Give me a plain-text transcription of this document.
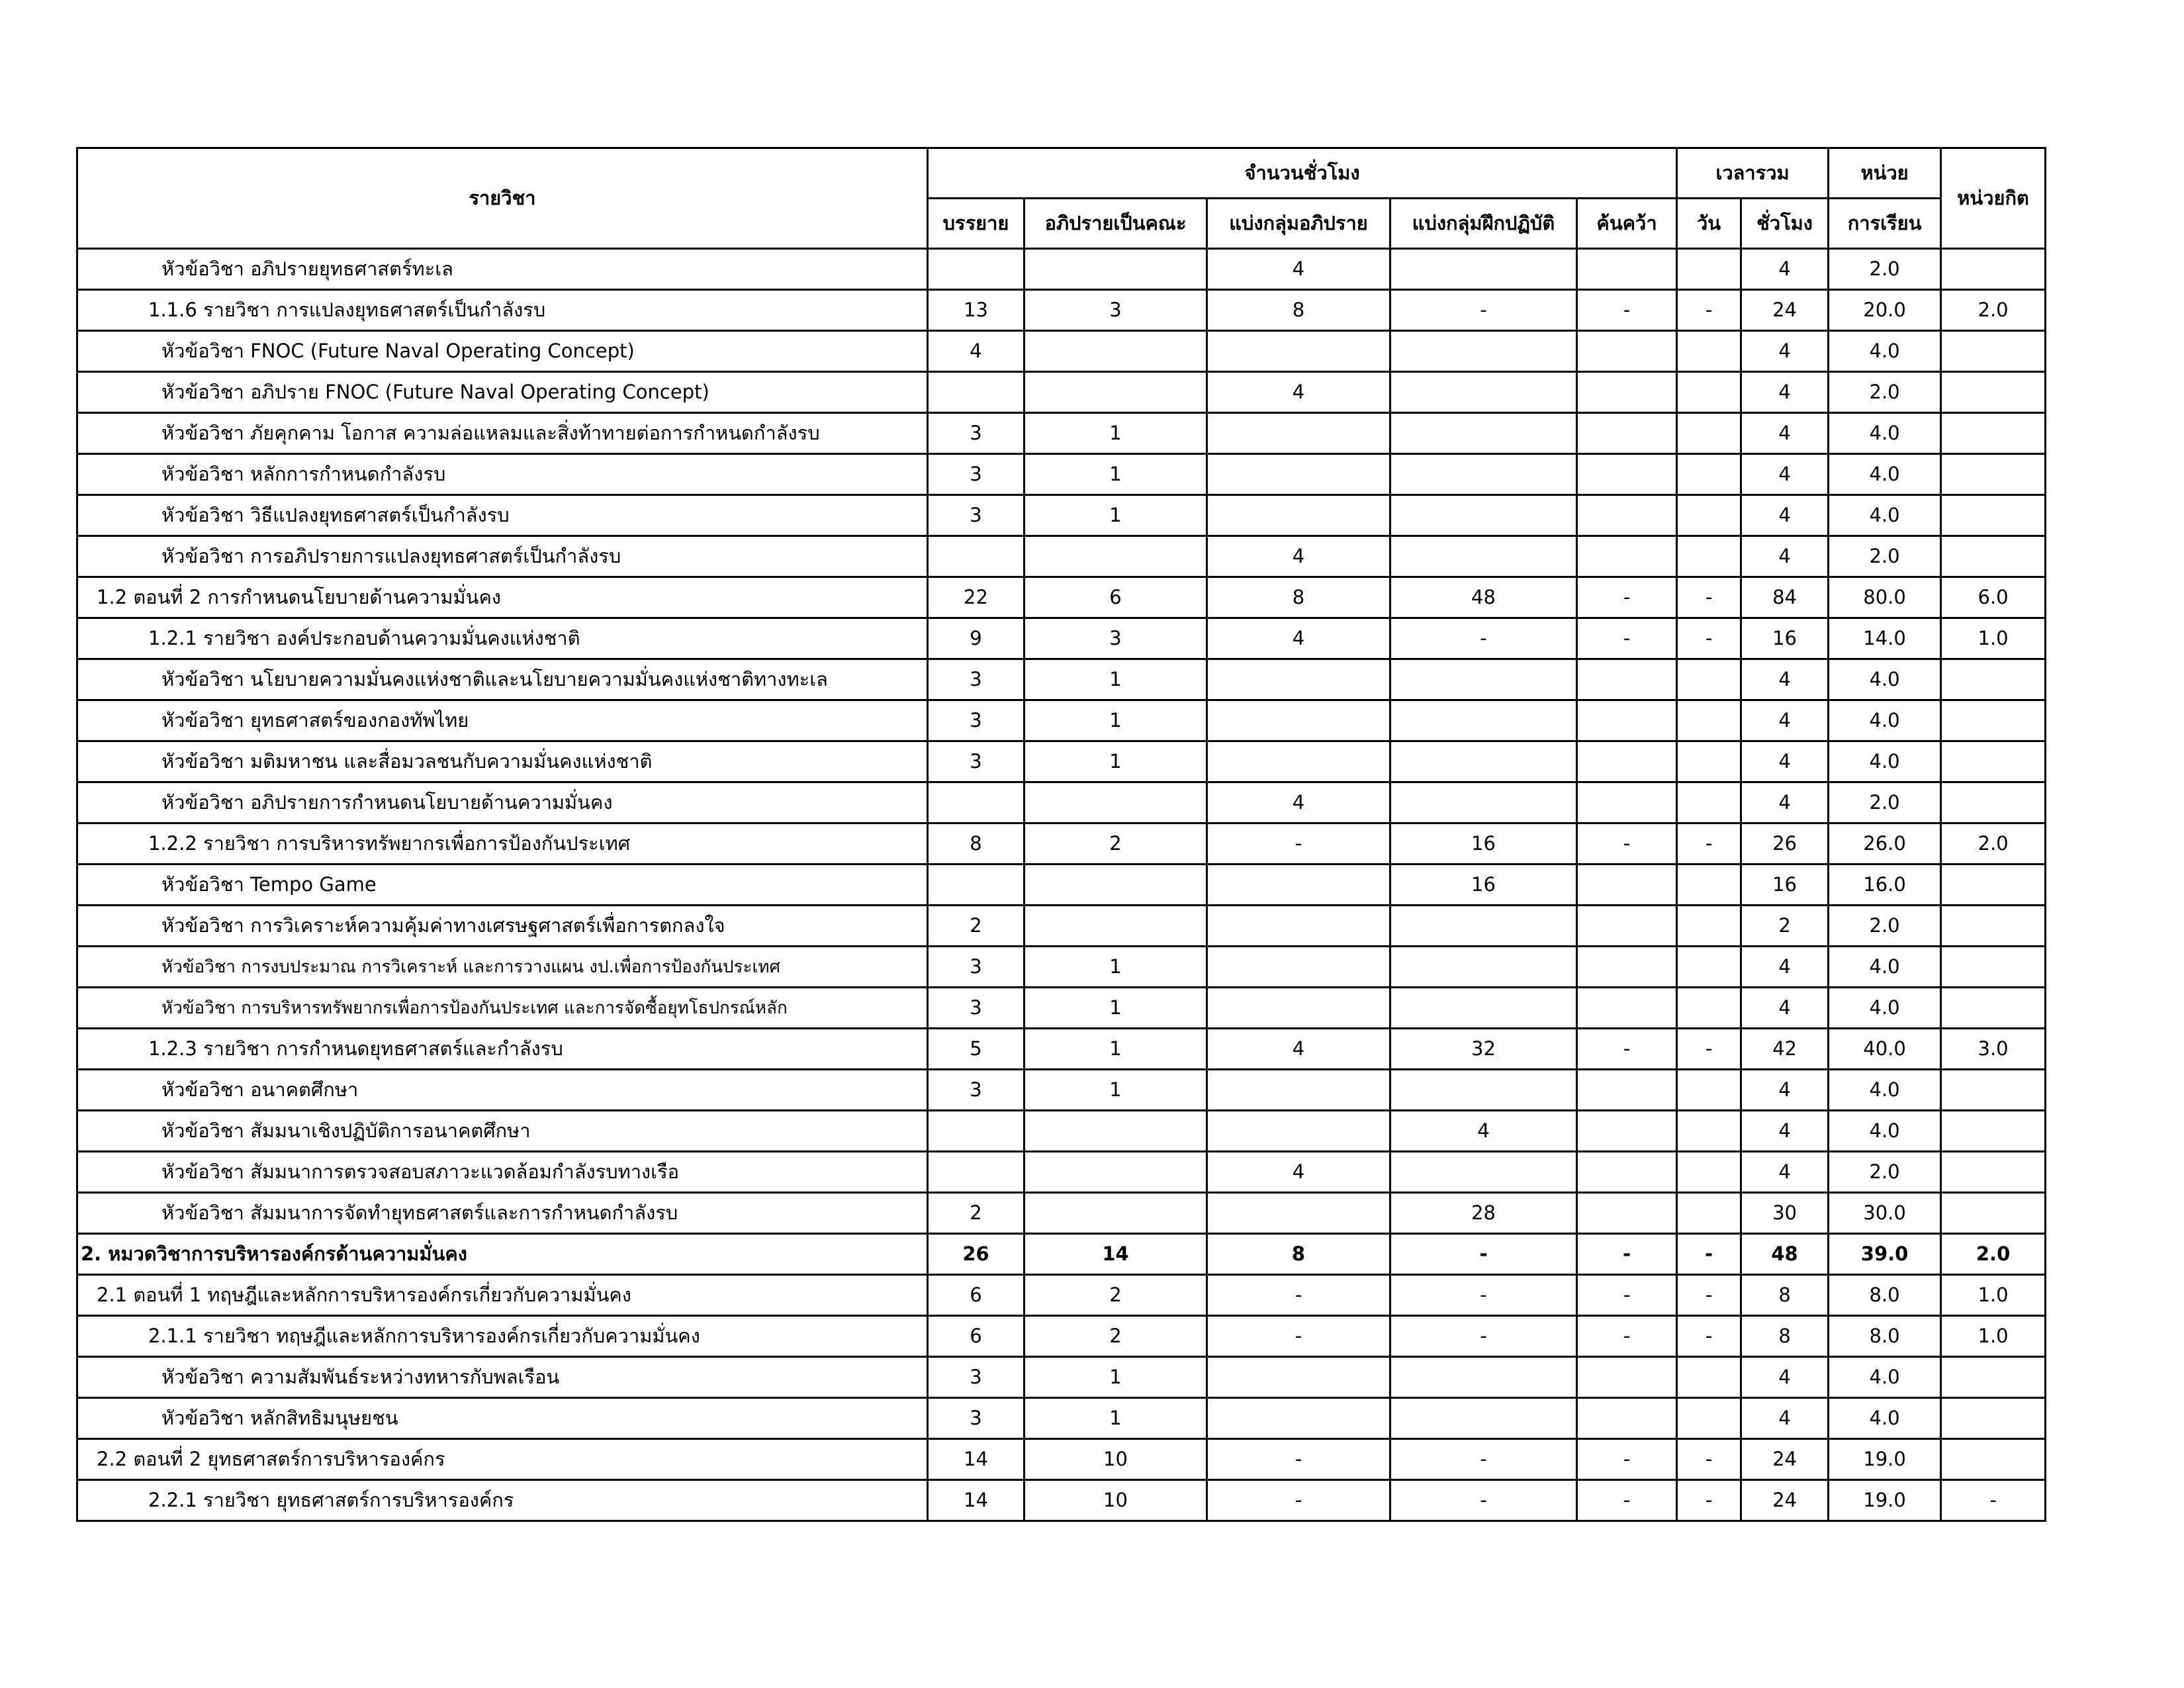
รายวิชา	จำนวนชั่วโมง					เวลารวม		หน่วย	หน่วยกิต
	บรรยาย	อภิปรายเป็นคณะ	แบ่งกลุ่มอภิปราย	แบ่งกลุ่มฝึกปฏิบัติ	ค้นคว้า	วัน	ชั่วโมง	การเรียน	
หัวข้อวิชา อภิปรายยุทธศาสตร์ทะเล			4				4	2.0	
1.1.6 รายวิชา การแปลงยุทธศาสตร์เป็นกำลังรบ	13	3	8	-	-	-	24	20.0	2.0
หัวข้อวิชา FNOC (Future Naval Operating Concept)	4						4	4.0	
หัวข้อวิชา อภิปราย FNOC (Future Naval Operating Concept)			4				4	2.0	
หัวข้อวิชา ภัยคุกคาม โอกาส ความล่อแหลมและสิ่งท้าทายต่อการกำหนดกำลังรบ	3	1					4	4.0	
หัวข้อวิชา หลักการกำหนดกำลังรบ	3	1					4	4.0	
หัวข้อวิชา วิธีแปลงยุทธศาสตร์เป็นกำลังรบ	3	1					4	4.0	
หัวข้อวิชา การอภิปรายการแปลงยุทธศาสตร์เป็นกำลังรบ			4				4	2.0	
1.2 ตอนที่ 2 การกำหนดนโยบายด้านความมั่นคง	22	6	8	48	-	-	84	80.0	6.0
1.2.1 รายวิชา องค์ประกอบด้านความมั่นคงแห่งชาติ	9	3	4	-	-	-	16	14.0	1.0
หัวข้อวิชา นโยบายความมั่นคงแห่งชาติและนโยบายความมั่นคงแห่งชาติทางทะเล	3	1					4	4.0	
หัวข้อวิชา ยุทธศาสตร์ของกองทัพไทย	3	1					4	4.0	
หัวข้อวิชา มติมหาชน และสื่อมวลชนกับความมั่นคงแห่งชาติ	3	1					4	4.0	
หัวข้อวิชา อภิปรายการกำหนดนโยบายด้านความมั่นคง			4				4	2.0	
1.2.2 รายวิชา การบริหารทรัพยากรเพื่อการป้องกันประเทศ	8	2	-	16	-	-	26	26.0	2.0
หัวข้อวิชา Tempo Game				16			16	16.0	
หัวข้อวิชา การวิเคราะห์ความคุ้มค่าทางเศรษฐศาสตร์เพื่อการตกลงใจ	2						2	2.0	
หัวข้อวิชา การงบประมาณ การวิเคราะห์ และการวางแผน งป.เพื่อการป้องกันประเทศ	3	1					4	4.0	
หัวข้อวิชา การบริหารทรัพยากรเพื่อการป้องกันประเทศ และการจัดซื้อยุทโธปกรณ์หลัก	3	1					4	4.0	
1.2.3 รายวิชา การกำหนดยุทธศาสตร์และกำลังรบ	5	1	4	32	-	-	42	40.0	3.0
หัวข้อวิชา อนาคตศึกษา	3	1					4	4.0	
หัวข้อวิชา สัมมนาเชิงปฏิบัติการอนาคตศึกษา				4			4	4.0	
หัวข้อวิชา สัมมนาการตรวจสอบสภาวะแวดล้อมกำลังรบทางเรือ			4				4	2.0	
หัวข้อวิชา สัมมนาการจัดทำยุทธศาสตร์และการกำหนดกำลังรบ	2			28			30	30.0	
2. หมวดวิชาการบริหารองค์กรด้านความมั่นคง	26	14	8	-	-	-	48	39.0	2.0
2.1 ตอนที่ 1 ทฤษฎีและหลักการบริหารองค์กรเกี่ยวกับความมั่นคง	6	2	-	-	-	-	8	8.0	1.0
2.1.1 รายวิชา ทฤษฎีและหลักการบริหารองค์กรเกี่ยวกับความมั่นคง	6	2	-	-	-	-	8	8.0	1.0
หัวข้อวิชา ความสัมพันธ์ระหว่างทหารกับพลเรือน	3	1					4	4.0	
หัวข้อวิชา หลักสิทธิมนุษยชน	3	1					4	4.0	
2.2 ตอนที่ 2 ยุทธศาสตร์การบริหารองค์กร	14	10	-	-	-	-	24	19.0	
2.2.1 รายวิชา ยุทธศาสตร์การบริหารองค์กร	14	10	-	-	-	-	24	19.0	-
